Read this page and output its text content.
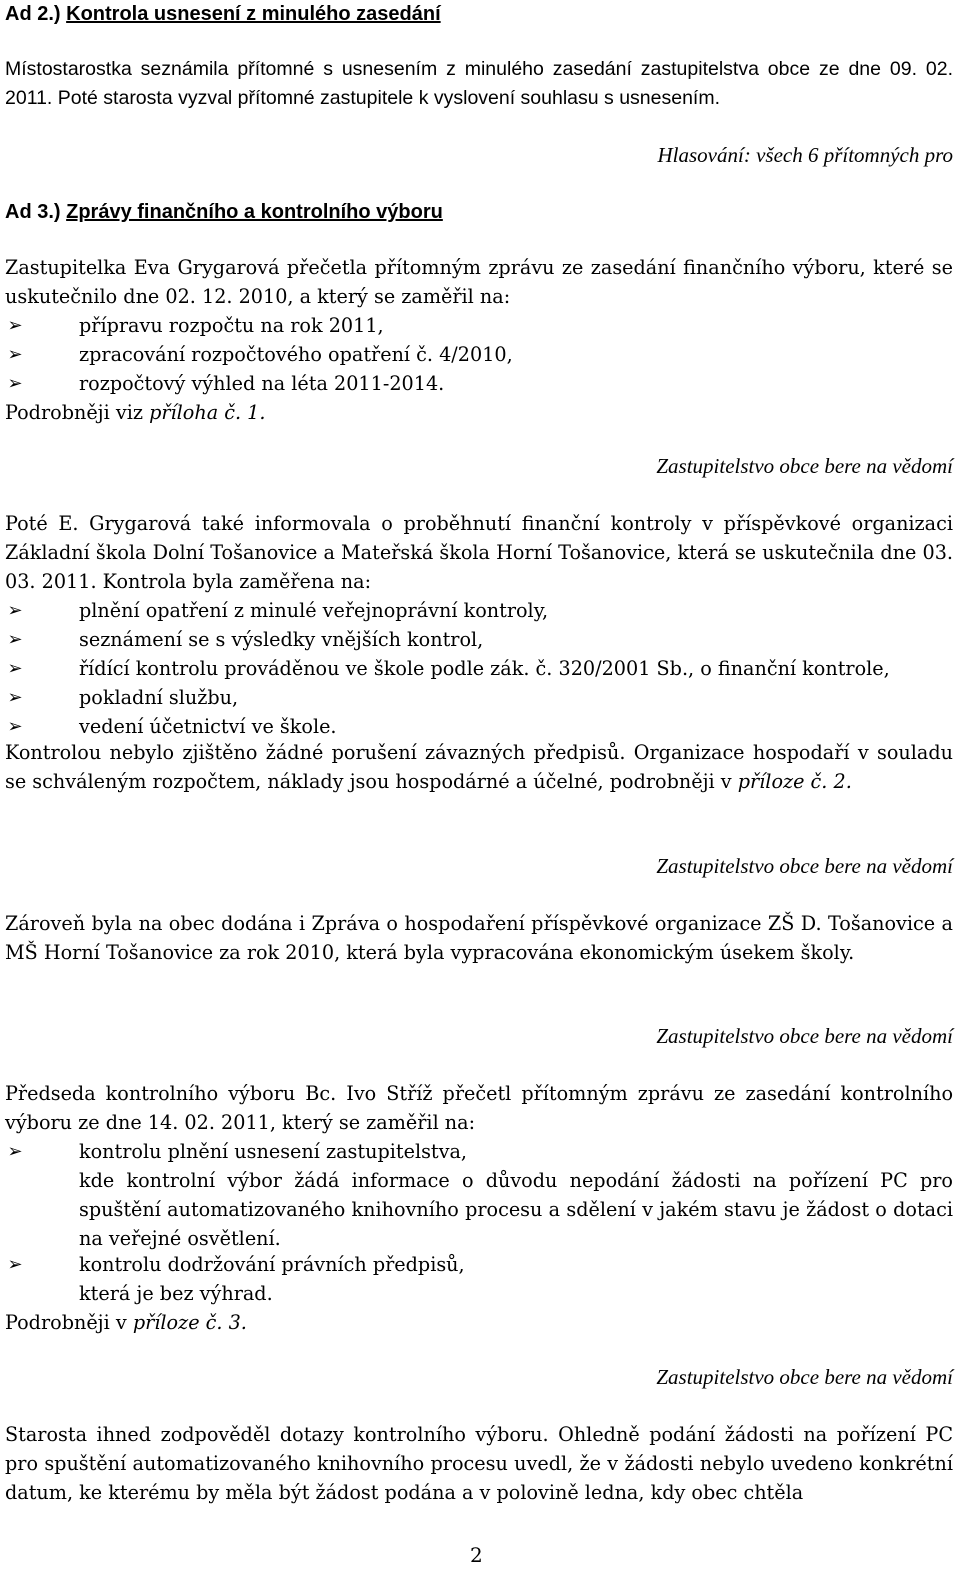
Ad 2.) Kontrola usnesení z minulého zasedání

Místostarostka seznámila přítomné s usnesením z minulého zasedání zastupitelstva obce ze dne 09. 02. 2011. Poté starosta vyzval přítomné zastupitele k vyslovení souhlasu s usnesením.

Hlasování: všech 6 přítomných pro

Ad 3.) Zprávy finančního a kontrolního výboru

Zastupitelka Eva Grygarová přečetla přítomným zprávu ze zasedání finančního výboru, které se uskutečnilo dne 02. 12. 2010, a který se zaměřil na:

➢	přípravu rozpočtu na rok 2011,
➢	zpracování rozpočtového opatření č. 4/2010,
➢	rozpočtový výhled na léta 2011-2014.

Podrobněji viz příloha č. 1.

Zastupitelstvo obce bere na vědomí

Poté E. Grygarová také informovala o proběhnutí finanční kontroly v příspěvkové organizaci Základní škola Dolní Tošanovice a Mateřská škola Horní Tošanovice, která se uskutečnila dne 03. 03. 2011. Kontrola byla zaměřena na:

➢	plnění opatření z minulé veřejnoprávní kontroly,
➢	seznámení se s výsledky vnějších kontrol,
➢	řídící kontrolu prováděnou ve škole podle zák. č. 320/2001 Sb., o finanční kontrole,
➢	pokladní službu,
➢	vedení účetnictví ve škole.

Kontrolou nebylo zjištěno žádné porušení závazných předpisů. Organizace hospodaří v souladu se schváleným rozpočtem, náklady jsou hospodárné a účelné, podrobněji v příloze č. 2.

Zastupitelstvo obce bere na vědomí

Zároveň byla na obec dodána i Zpráva o hospodaření příspěvkové organizace ZŠ D. Tošanovice a MŠ Horní Tošanovice za rok 2010, která byla vypracována ekonomickým úsekem školy.

Zastupitelstvo obce bere na vědomí

Předseda kontrolního výboru Bc. Ivo Stříž přečetl přítomným zprávu ze zasedání kontrolního výboru ze dne 14. 02. 2011, který se zaměřil na:

➢	kontrolu plnění usnesení zastupitelstva,

kde kontrolní výbor žádá informace o důvodu nepodání žádosti na pořízení PC pro spuštění automatizovaného knihovního procesu a sdělení v jakém stavu je žádost o dotaci na veřejné osvětlení.

➢	kontrolu dodržování právních předpisů,

která je bez výhrad.

Podrobněji v příloze č. 3.

Zastupitelstvo obce bere na vědomí

Starosta ihned zodpověděl dotazy kontrolního výboru. Ohledně podání žádosti na pořízení PC pro spuštění automatizovaného knihovního procesu uvedl, že v žádosti nebylo uvedeno konkrétní datum, ke kterému by měla být žádost podána a v polovině ledna, kdy obec chtěla

2
